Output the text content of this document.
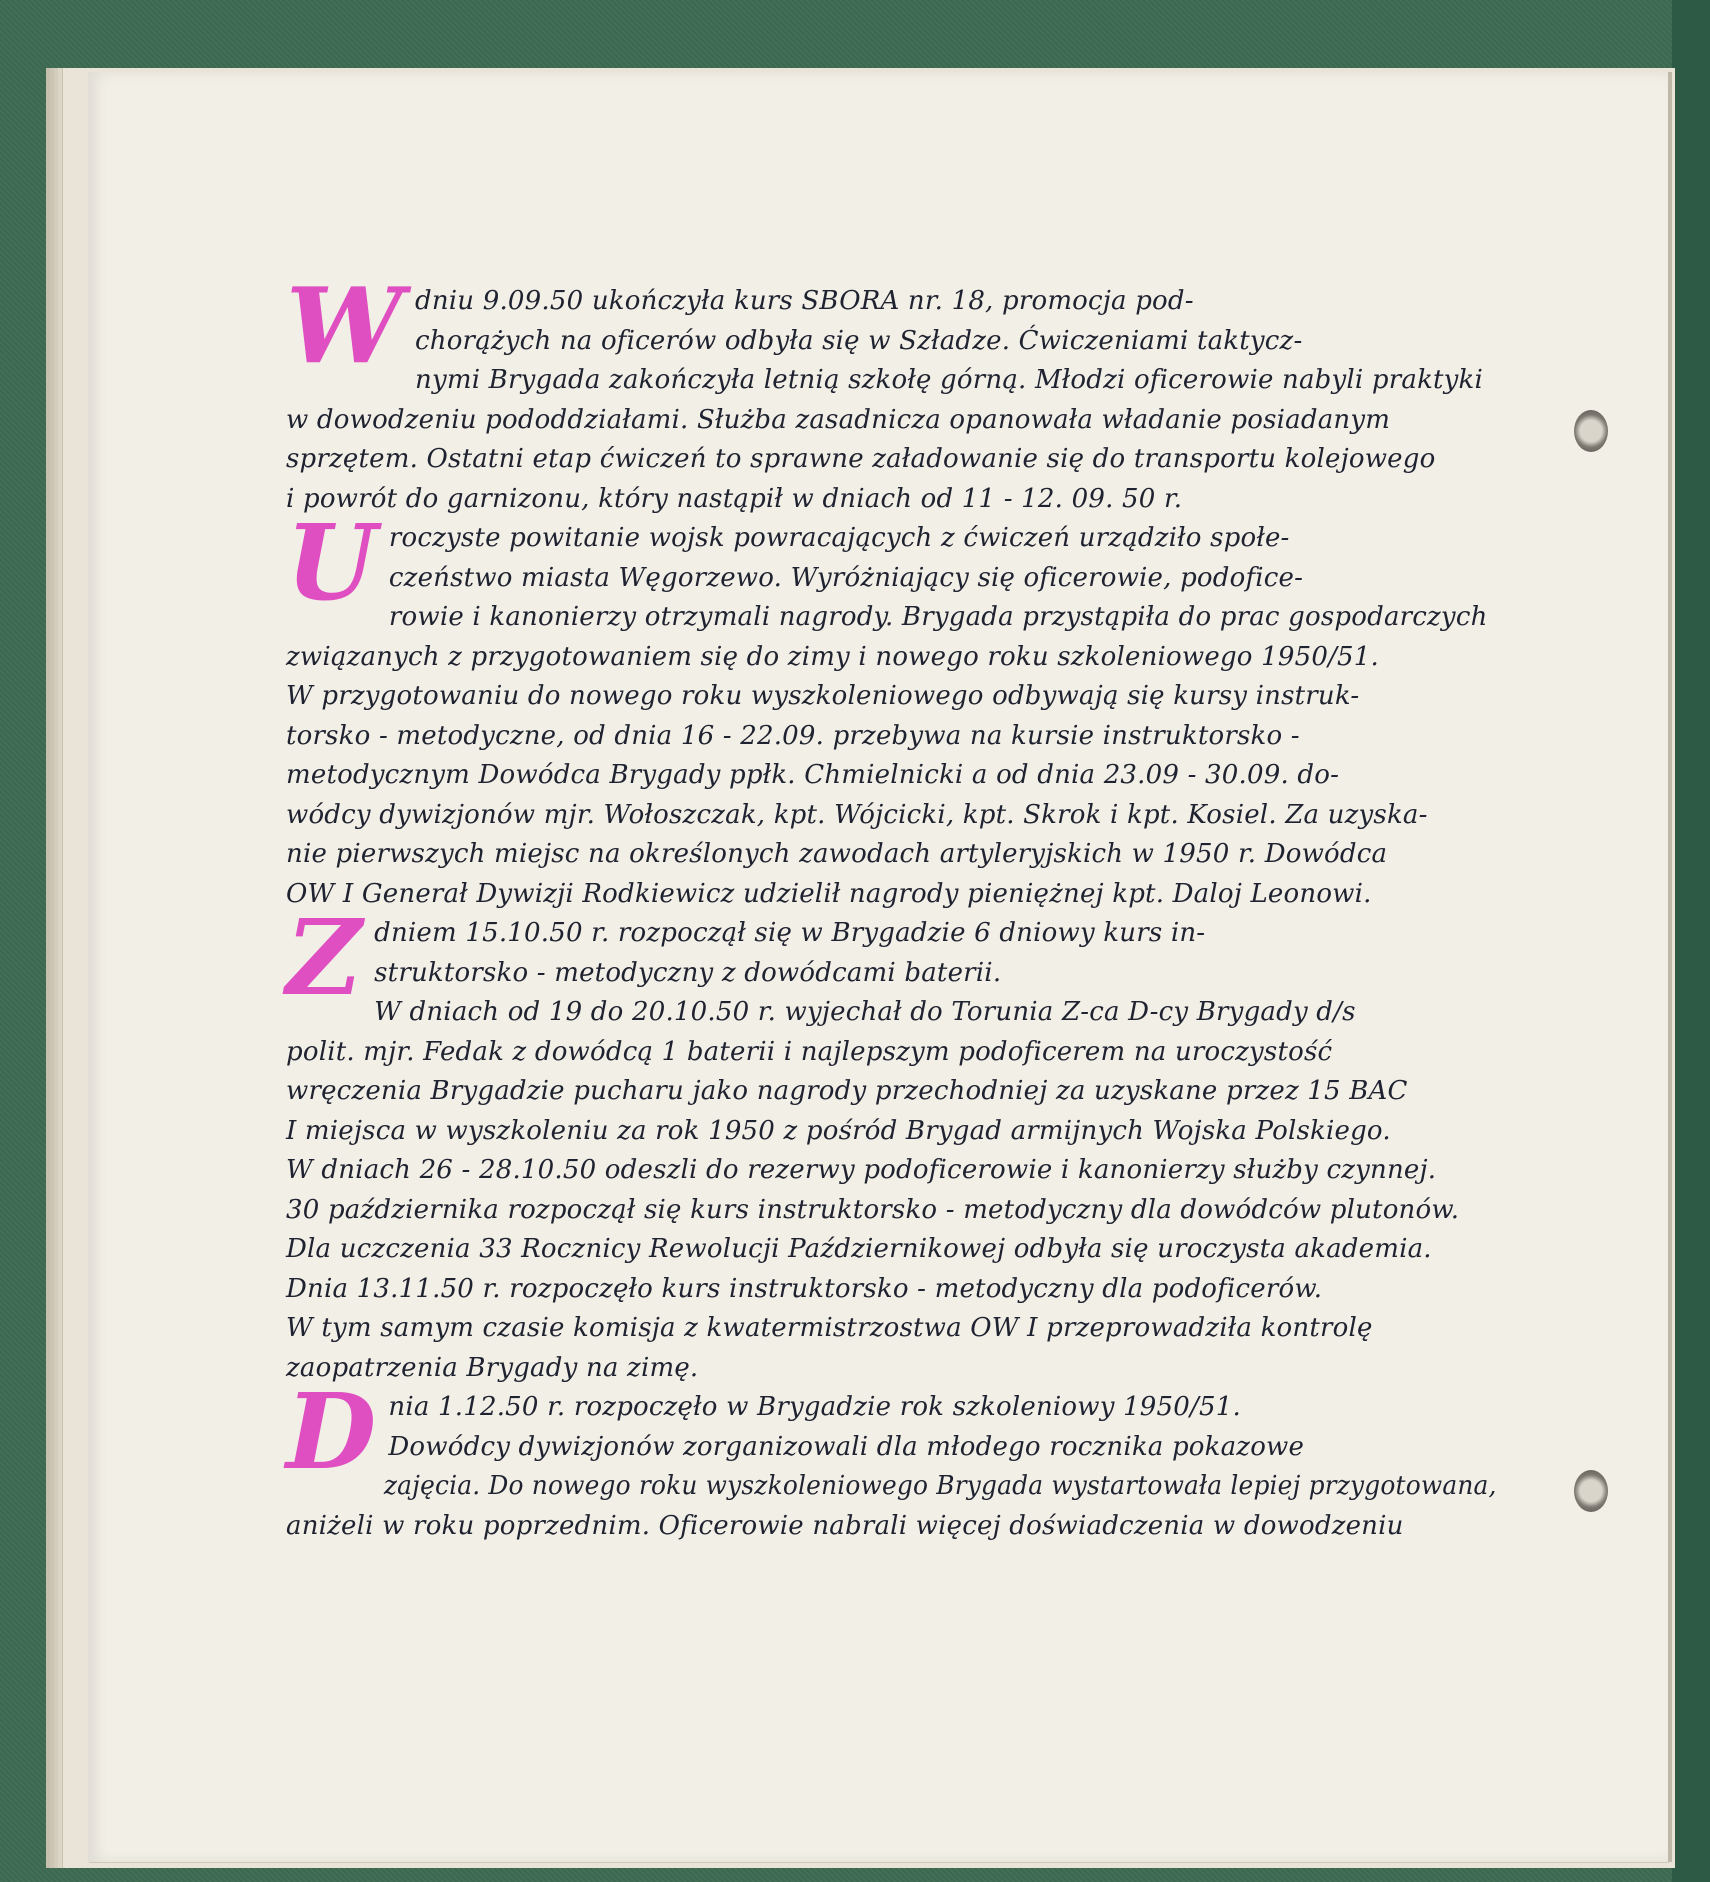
W dniu 9.09.50 ukończyła kurs SBORA nr. 18, promocja pod-
chorążych na oficerów odbyła się w Szładze. Ćwiczeniami taktycz-
nymi Brygada zakończyła letnią szkołę górną. Młodzi oficerowie nabyli praktyki
w dowodzeniu pododdziałami. Służba zasadnicza opanowała władanie posiadanym
sprzętem. Ostatni etap ćwiczeń to sprawne załadowanie się do transportu kolejowego
i powrót do garnizonu, który nastąpił w dniach od 11 - 12. 09. 50 r.
U roczyste powitanie wojsk powracających z ćwiczeń urządziło społe-
czeństwo miasta Węgorzewo. Wyróżniający się oficerowie, podofice-
rowie i kanonierzy otrzymali nagrody. Brygada przystąpiła do prac gospodarczych
związanych z przygotowaniem się do zimy i nowego roku szkoleniowego 1950/51.
W przygotowaniu do nowego roku wyszkoleniowego odbywają się kursy instruk-
torsko - metodyczne, od dnia 16 - 22.09. przebywa na kursie instruktorsko -
metodycznym Dowódca Brygady ppłk. Chmielnicki a od dnia 23.09 - 30.09. do-
wódcy dywizjonów mjr. Wołoszczak, kpt. Wójcicki, kpt. Skrok i kpt. Kosiel. Za uzyska-
nie pierwszych miejsc na określonych zawodach artyleryjskich w 1950 r. Dowódca
OW I Generał Dywizji Rodkiewicz udzielił nagrody pieniężnej kpt. Daloj Leonowi.
Z dniem 15.10.50 r. rozpoczął się w Brygadzie 6 dniowy kurs in-
struktorsko - metodyczny z dowódcami baterii.
W dniach od 19 do 20.10.50 r. wyjechał do Torunia Z-ca D-cy Brygady d/s
polit. mjr. Fedak z dowódcą 1 baterii i najlepszym podoficerem na uroczystość
wręczenia Brygadzie pucharu jako nagrody przechodniej za uzyskane przez 15 BAC
I miejsca w wyszkoleniu za rok 1950 z pośród Brygad armijnych Wojska Polskiego.
W dniach 26 - 28.10.50 odeszli do rezerwy podoficerowie i kanonierzy służby czynnej.
30 października rozpoczął się kurs instruktorsko - metodyczny dla dowódców plutonów.
Dla uczczenia 33 Rocznicy Rewolucji Październikowej odbyła się uroczysta akademia.
Dnia 13.11.50 r. rozpoczęło kurs instruktorsko - metodyczny dla podoficerów.
W tym samym czasie komisja z kwatermistrzostwa OW I przeprowadziła kontrolę
zaopatrzenia Brygady na zimę.
D nia 1.12.50 r. rozpoczęło w Brygadzie rok szkoleniowy 1950/51.
Dowódcy dywizjonów zorganizowali dla młodego rocznika pokazowe
zajęcia. Do nowego roku wyszkoleniowego Brygada wystartowała lepiej przygotowana,
aniżeli w roku poprzednim. Oficerowie nabrali więcej doświadczenia w dowodzeniu
